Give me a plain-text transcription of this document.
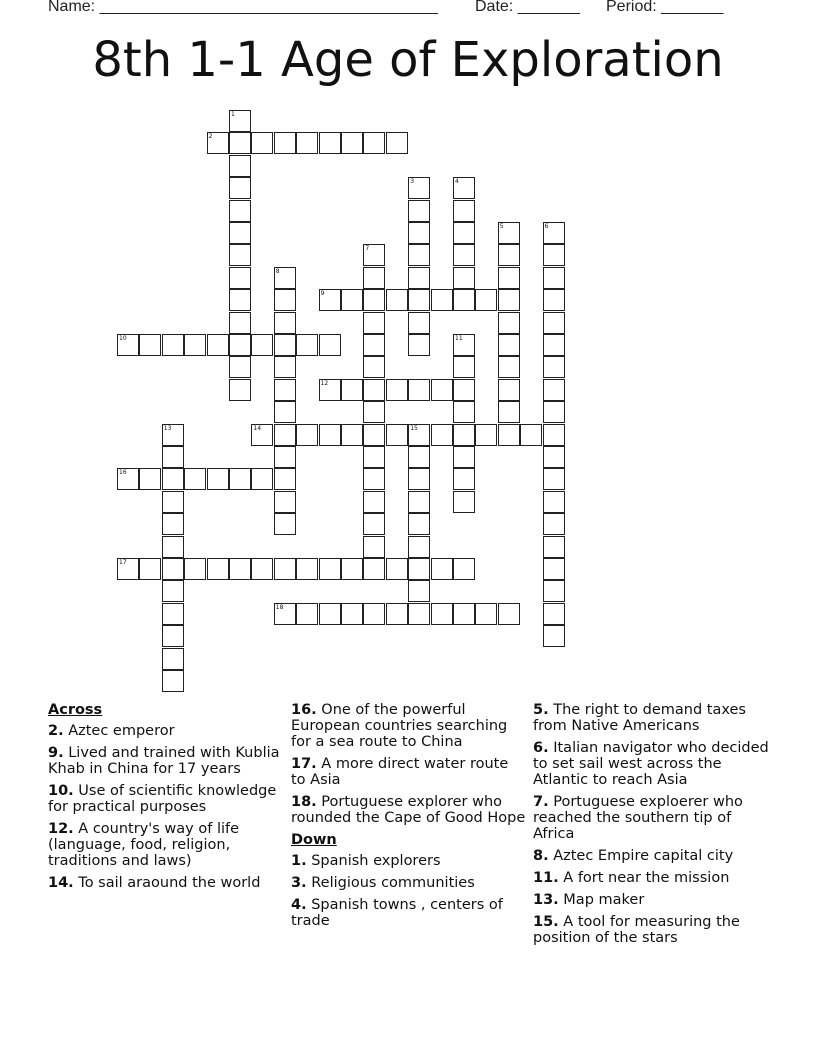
Name: ______________________________________ Date: _______ Period: _______
8th 1-1 Age of Exploration
1
2
3	4
5	6
7
8
9
10	11
12
13	14	15
16
17
18
Across
2. Aztec emperor
9. Lived and trained with Kublia Khab in China for 17 years
10. Use of scientific knowledge for practical purposes
12. A country's way of life (language, food, religion, traditions and laws)
14. To sail araound the world
16. One of the powerful European countries searching for a sea route to China
17. A more direct water route to Asia
18. Portuguese explorer who rounded the Cape of Good Hope
Down
1. Spanish explorers
3. Religious communities
4. Spanish towns , centers of trade
5. The right to demand taxes from Native Americans
6. Italian navigator who decided to set sail west across the Atlantic to reach Asia
7. Portuguese exploerer who reached the southern tip of Africa
8. Aztec Empire capital city
11. A fort near the mission
13. Map maker
15. A tool for measuring the position of the stars
